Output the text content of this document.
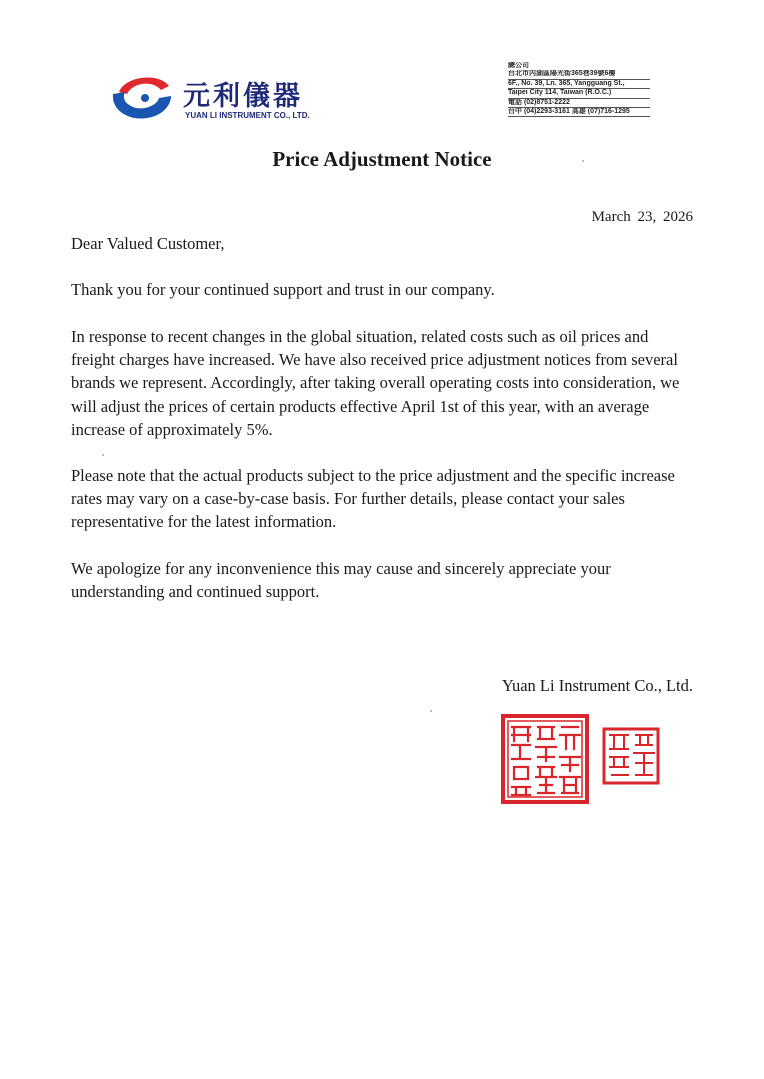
元利儀器
YUAN LI INSTRUMENT CO., LTD.
總公司
台北市內湖區陽光街365巷39號6樓
6F., No. 39, Ln. 365, Yangguang St.,
Taipei City 114, Taiwan (R.O.C.)
電話 (02)8751-2222
台中 (04)2293-3161 高雄 (07)716-1295
Price Adjustment Notice
March 23, 2026

Dear Valued Customer,

Thank you for your continued support and trust in our company.

In response to recent changes in the global situation, related costs such as oil prices and freight charges have increased. We have also received price adjustment notices from several brands we represent. Accordingly, after taking overall operating costs into consideration, we will adjust the prices of certain products effective April 1st of this year, with an average increase of approximately 5%.

Please note that the actual products subject to the price adjustment and the specific increase rates may vary on a case-by-case basis. For further details, please contact your sales representative for the latest information.

We apologize for any inconvenience this may cause and sincerely appreciate your understanding and continued support.

Yuan Li Instrument Co., Ltd.
